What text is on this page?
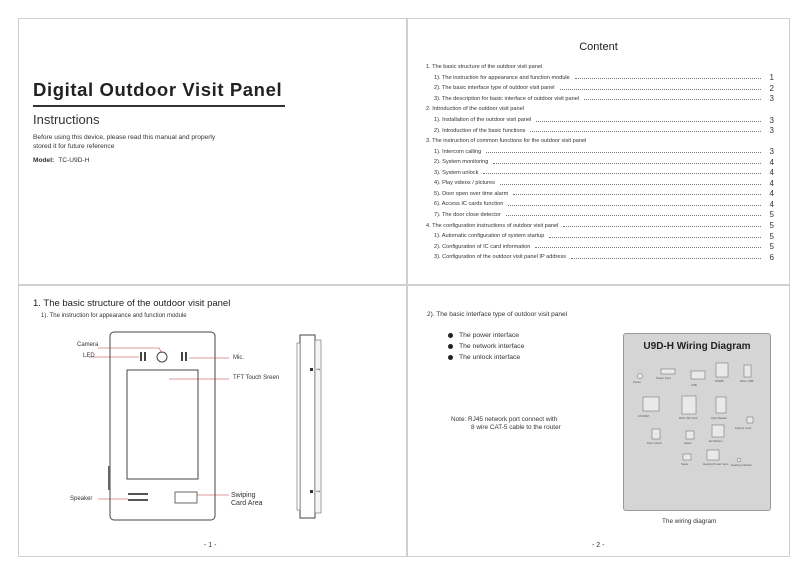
Digital Outdoor Visit Panel
Instructions
Before using this device, please read this manual and properly
stored it for future reference
Model: TC-U9D-H
Content
1. The basic structure of the outdoor visit panel
1). The instruction for appearance and function module	1
2). The basic interface type of outdoor visit panel	2
3). The description for basic interface of outdoor visit panel	3
2. Introduction of the outdoor visit panel
1). Installation of the outdoor visit panel	3
2). Introduction of the basic functions	3
3. The instruction of common functions for the outdoor visit panel
1). Intercom calling	3
2). System monitoring	4
3). System unlock	4
4). Play videos / pictures	4
5). Door open over time alarm	4
6). Access IC cards function	4
7). The door close detector	5
4. The configuration instructions of outdoor visit panel	5
1). Automatic configuration of system startup	5
2). Configuration of IC card information	5
3). Configuration of the outdoor visit panel IP address	6
1. The basic structure of the outdoor visit panel
1). The instruction for appearance and function module
⇒
⇒
Camera
LED	Mic.
TFT Touch Sreen
Speaker	Swiping
Card Area
- 1 -
2). The basic interface type of outdoor visit panel
The power interface
The network interface
The unlock interface
Note: RJ45 network port connect with
8 wire CAT-5 cable to the router
U9D-H Wiring Diagram
Power
Power input
USB
RS485	Micro USB
10/100M	Micro SD Card	Card Reader
Factory reset
Door Check	Spare	Exit Button
Spare	Heating Power Input Heating Indicator
The wiring diagram
- 2 -
